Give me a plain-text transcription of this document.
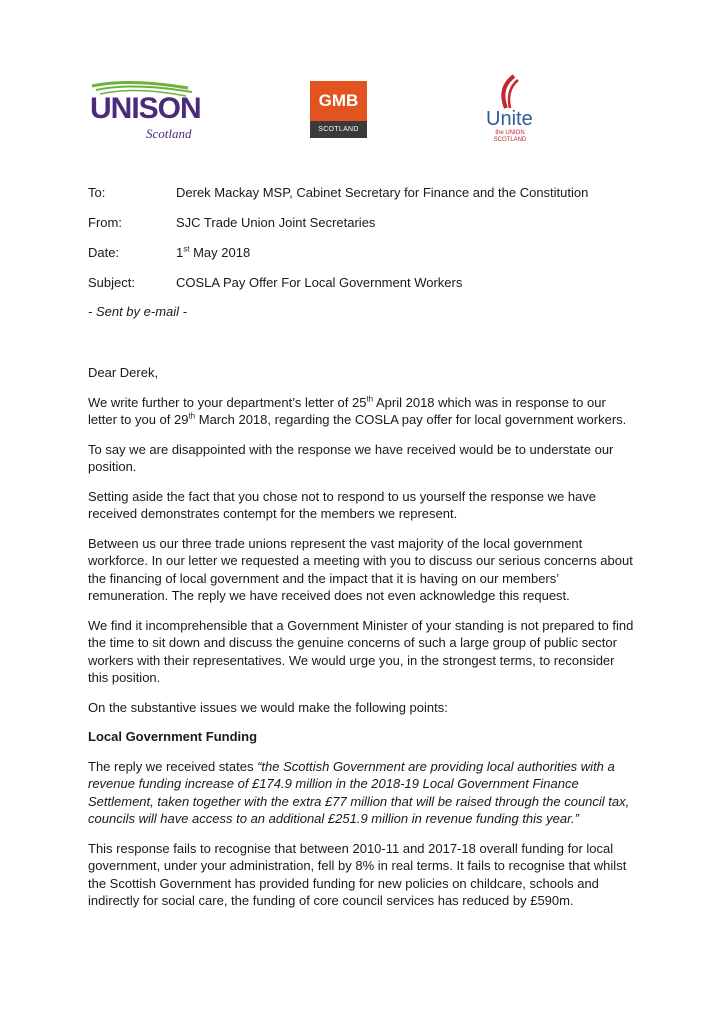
UNISON
Scotland
GMB
SCOTLAND	Unite
the UNION
SCOTLAND
To:	Derek Mackay MSP, Cabinet Secretary for Finance and the Constitution
From:	SJC Trade Union Joint Secretaries
Date:	1st May 2018
Subject:	COSLA Pay Offer For Local Government Workers
- Sent by e-mail -

Dear Derek,

We write further to your department’s letter of 25th April 2018 which was in response to our letter to you of 29th March 2018, regarding the COSLA pay offer for local government workers.

To say we are disappointed with the response we have received would be to understate our position.

Setting aside the fact that you chose not to respond to us yourself the response we have received demonstrates contempt for the members we represent.

Between us our three trade unions represent the vast majority of the local government workforce. In our letter we requested a meeting with you to discuss our serious concerns about the financing of local government and the impact that it is having on our members’ remuneration. The reply we have received does not even acknowledge this request.

We find it incomprehensible that a Government Minister of your standing is not prepared to find the time to sit down and discuss the genuine concerns of such a large group of public sector workers with their representatives. We would urge you, in the strongest terms, to reconsider this position.

On the substantive issues we would make the following points:

Local Government Funding

The reply we received states “the Scottish Government are providing local authorities with a revenue funding increase of £174.9 million in the 2018-19 Local Government Finance Settlement, taken together with the extra £77 million that will be raised through the council tax, councils will have access to an additional £251.9 million in revenue funding this year.”

This response fails to recognise that between 2010-11 and 2017-18 overall funding for local government, under your administration, fell by 8% in real terms. It fails to recognise that whilst the Scottish Government has provided funding for new policies on childcare, schools and indirectly for social care, the funding of core council services has reduced by £590m.
